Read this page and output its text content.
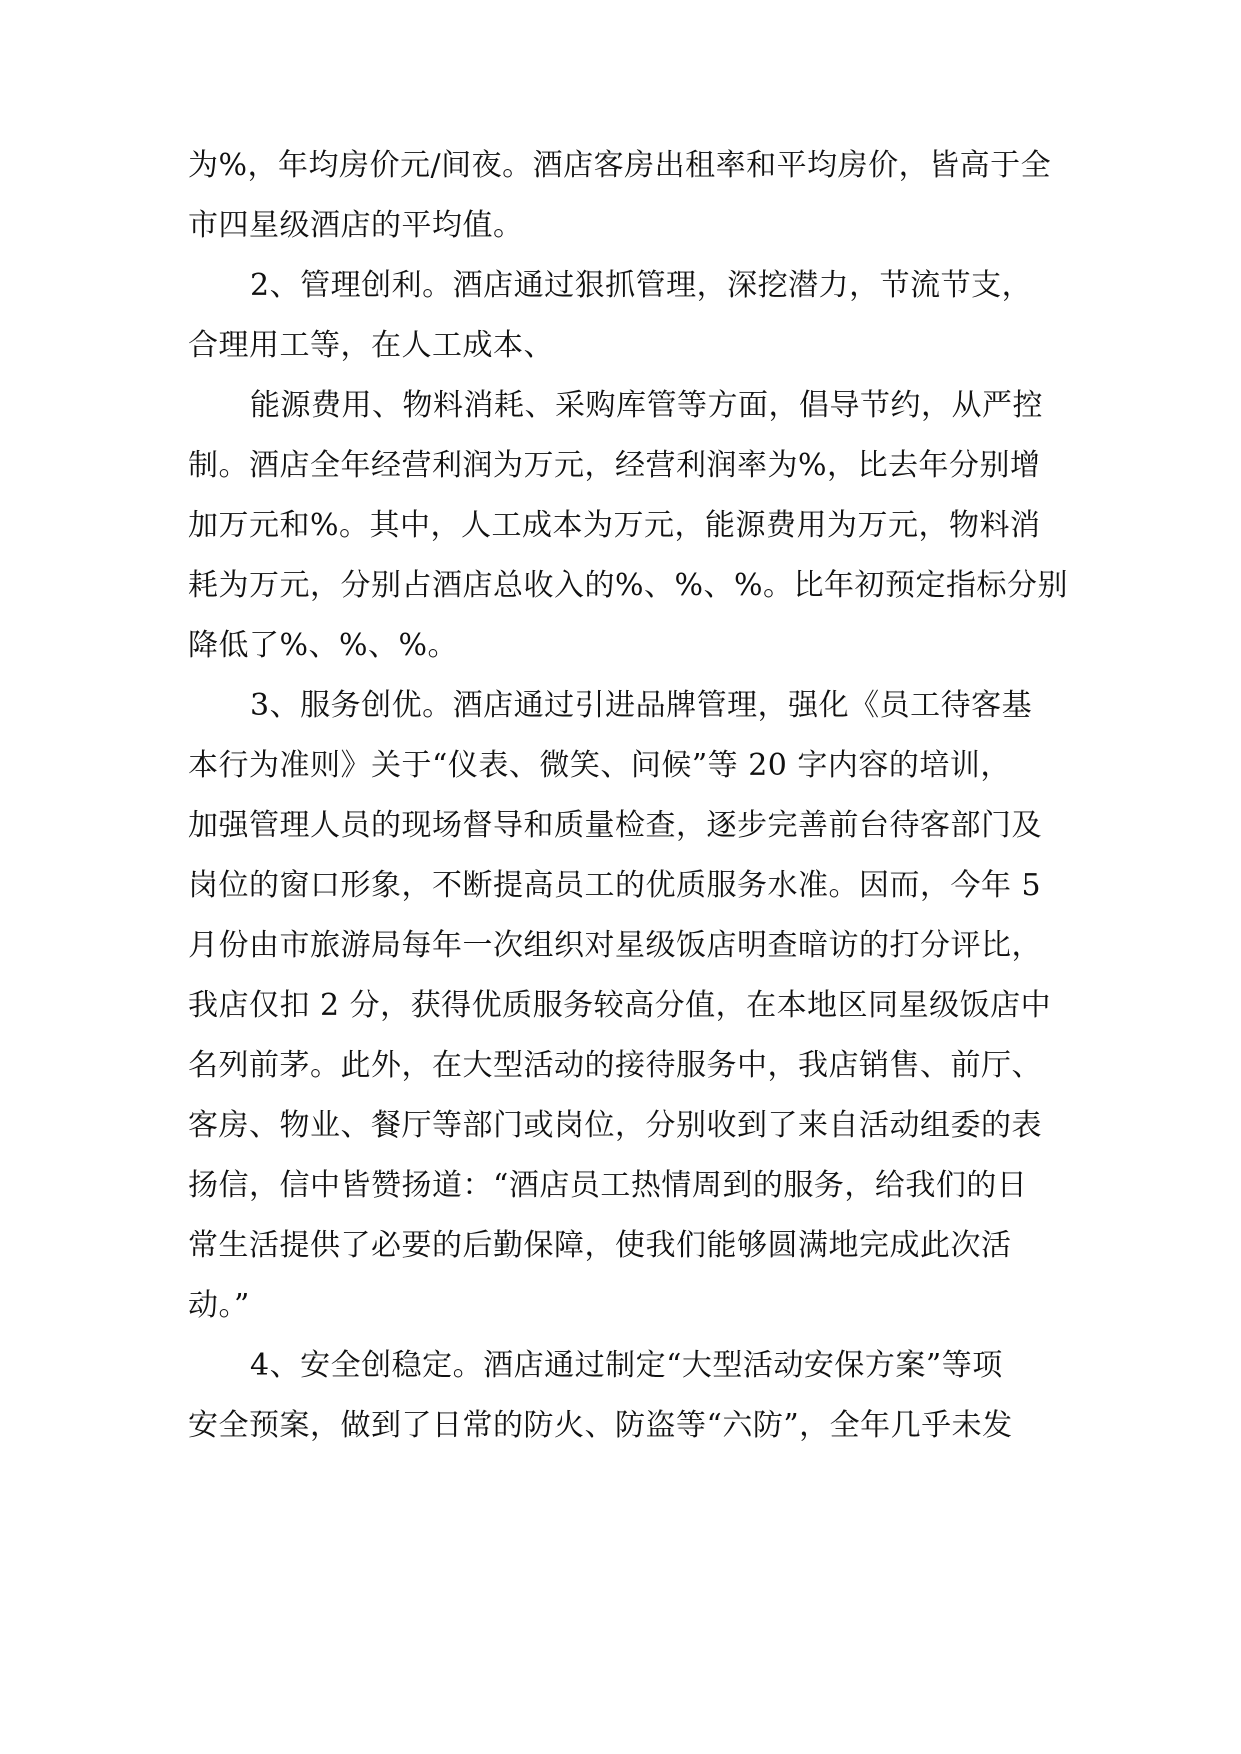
为%，年均房价元/间夜。酒店客房出租率和平均房价，皆高于全
市四星级酒店的平均值。
2、管理创利。酒店通过狠抓管理，深挖潜力，节流节支，
合理用工等，在人工成本、
能源费用、物料消耗、采购库管等方面，倡导节约，从严控
制。酒店全年经营利润为万元，经营利润率为%，比去年分别增
加万元和%。其中，人工成本为万元，能源费用为万元，物料消
耗为万元，分别占酒店总收入的%、%、%。比年初预定指标分别
降低了%、%、%。
3、服务创优。酒店通过引进品牌管理，强化《员工待客基
本行为准则》关于“仪表、微笑、问候”等 20 字内容的培训，
加强管理人员的现场督导和质量检查，逐步完善前台待客部门及
岗位的窗口形象，不断提高员工的优质服务水准。因而，今年 5
月份由市旅游局每年一次组织对星级饭店明查暗访的打分评比，
我店仅扣 2 分，获得优质服务较高分值，在本地区同星级饭店中
名列前茅。此外，在大型活动的接待服务中，我店销售、前厅、
客房、物业、餐厅等部门或岗位，分别收到了来自活动组委的表
扬信，信中皆赞扬道：“酒店员工热情周到的服务，给我们的日
常生活提供了必要的后勤保障，使我们能够圆满地完成此次活
动。”
4、安全创稳定。酒店通过制定“大型活动安保方案”等项
安全预案，做到了日常的防火、防盗等“六防”，全年几乎未发
